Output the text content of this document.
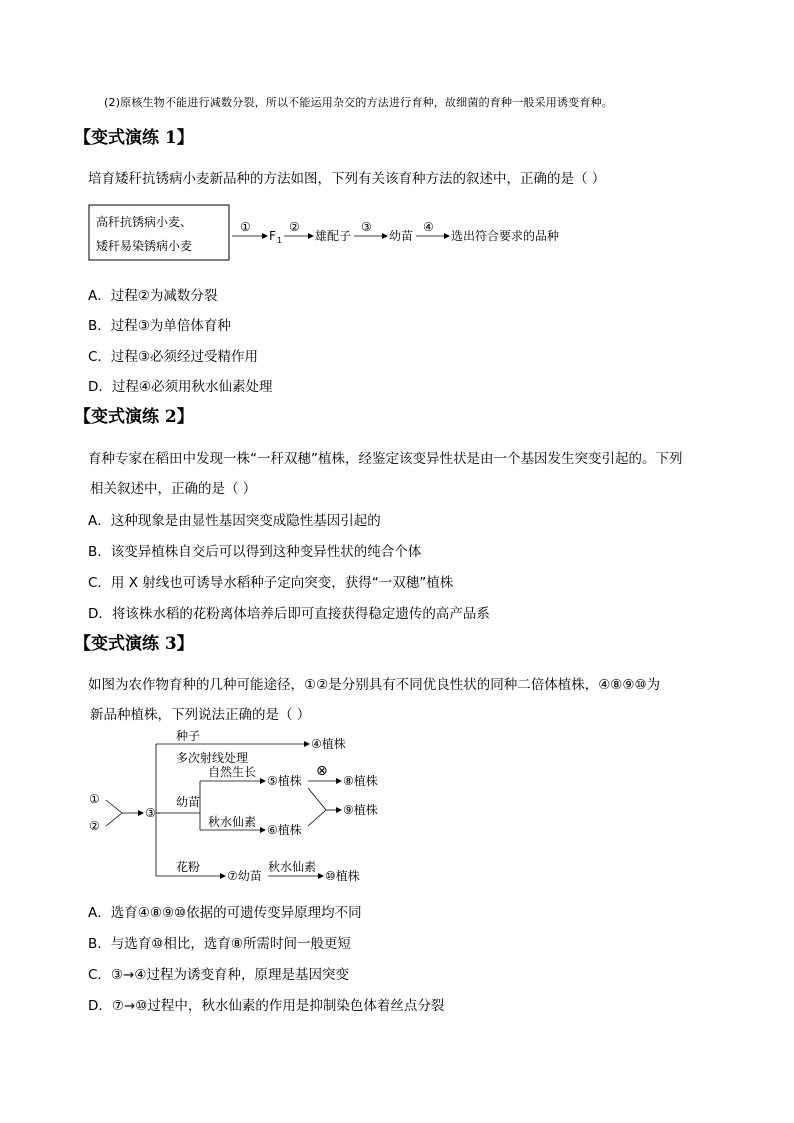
(2)原核生物不能进行减数分裂，所以不能运用杂交的方法进行育种，故细菌的育种一般采用诱变育种。
【变式演练 1】
培育矮秆抗锈病小麦新品种的方法如图，下列有关该育种方法的叙述中，正确的是（ ）
高秆抗锈病小麦、
矮秆易染锈病小麦
①
F 1
②
雄配子
③
幼苗
④
选出符合要求的品种
A．过程②为减数分裂
B．过程③为单倍体育种
C．过程③必须经过受精作用
D．过程④必须用秋水仙素处理
【变式演练 2】
育种专家在稻田中发现一株“一秆双穗”植株，经鉴定该变异性状是由一个基因发生突变引起的。下列
相关叙述中，正确的是（ ）
A．这种现象是由显性基因突变成隐性基因引起的
B．该变异植株自交后可以得到这种变异性状的纯合个体
C．用 X 射线也可诱导水稻种子定向突变，获得“一双穗”植株
D．将该株水稻的花粉离体培养后即可直接获得稳定遗传的高产品系
【变式演练 3】
如图为农作物育种的几种可能途径，①②是分别具有不同优良性状的同种二倍体植株，④⑧⑨⑩为
新品种植株，下列说法正确的是（ ）
①
②
③
种子
多次射线处理
④植株
幼苗
自然生长
⑤植株
⊗
⑧植株
秋水仙素
⑥植株
⑨植株
花粉
⑦幼苗
秋水仙素
⑩植株
A．选育④⑧⑨⑩依据的可遗传变异原理均不同
B．与选育⑩相比，选育⑧所需时间一般更短
C．③→④过程为诱变育种，原理是基因突变
D．⑦→⑩过程中，秋水仙素的作用是抑制染色体着丝点分裂
